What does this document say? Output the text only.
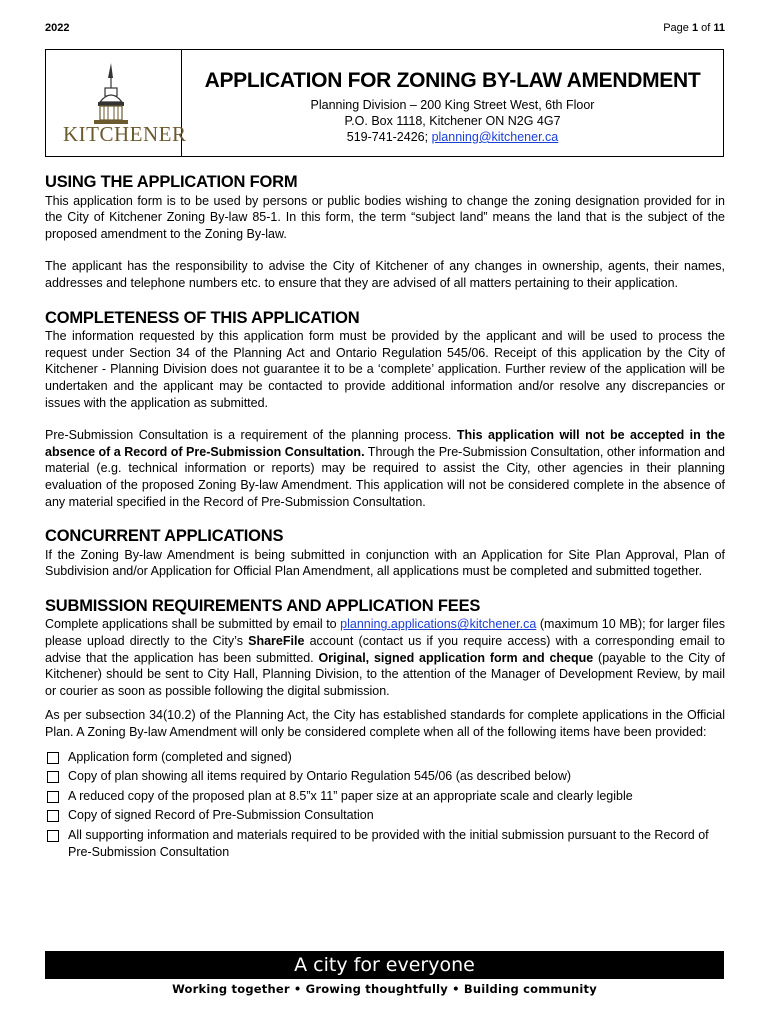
2022	Page 1 of 11
KITCHENER
APPLICATION FOR ZONING BY-LAW AMENDMENT
Planning Division – 200 King Street West, 6th Floor
P.O. Box 1118, Kitchener ON N2G 4G7
519-741-2426; planning@kitchener.ca
USING THE APPLICATION FORM

This application form is to be used by persons or public bodies wishing to change the zoning designation provided for in the City of Kitchener Zoning By-law 85-1. In this form, the term “subject land” means the land that is the subject of the proposed amendment to the Zoning By-law.

The applicant has the responsibility to advise the City of Kitchener of any changes in ownership, agents, their names, addresses and telephone numbers etc. to ensure that they are advised of all matters pertaining to their application.

COMPLETENESS OF THIS APPLICATION

The information requested by this application form must be provided by the applicant and will be used to process the request under Section 34 of the Planning Act and Ontario Regulation 545/06. Receipt of this application by the City of Kitchener - Planning Division does not guarantee it to be a ‘complete’ application. Further review of the application will be undertaken and the applicant may be contacted to provide additional information and/or resolve any discrepancies or issues with the application as submitted.

Pre-Submission Consultation is a requirement of the planning process. This application will not be accepted in the absence of a Record of Pre-Submission Consultation. Through the Pre-Submission Consultation, other information and material (e.g. technical information or reports) may be required to assist the City, other agencies in their planning evaluation of the proposed Zoning By-law Amendment. This application will not be considered complete in the absence of any material specified in the Record of Pre-Submission Consultation.

CONCURRENT APPLICATIONS

If the Zoning By-law Amendment is being submitted in conjunction with an Application for Site Plan Approval, Plan of Subdivision and/or Application for Official Plan Amendment, all applications must be completed and submitted together.

SUBMISSION REQUIREMENTS AND APPLICATION FEES

Complete applications shall be submitted by email to planning.applications@kitchener.ca (maximum 10 MB); for larger files please upload directly to the City’s ShareFile account (contact us if you require access) with a corresponding email to advise that the application has been submitted. Original, signed application form and cheque (payable to the City of Kitchener) should be sent to City Hall, Planning Division, to the attention of the Manager of Development Review, by mail or courier as soon as possible following the digital submission.

As per subsection 34(10.2) of the Planning Act, the City has established standards for complete applications in the Official Plan. A Zoning By-law Amendment will only be considered complete when all of the following items have been provided:

Application form (completed and signed)
Copy of plan showing all items required by Ontario Regulation 545/06 (as described below)
A reduced copy of the proposed plan at 8.5”x 11” paper size at an appropriate scale and clearly legible
Copy of signed Record of Pre-Submission Consultation
All supporting information and materials required to be provided with the initial submission pursuant to the Record of Pre-Submission Consultation
A city for everyone
Working together • Growing thoughtfully • Building community
